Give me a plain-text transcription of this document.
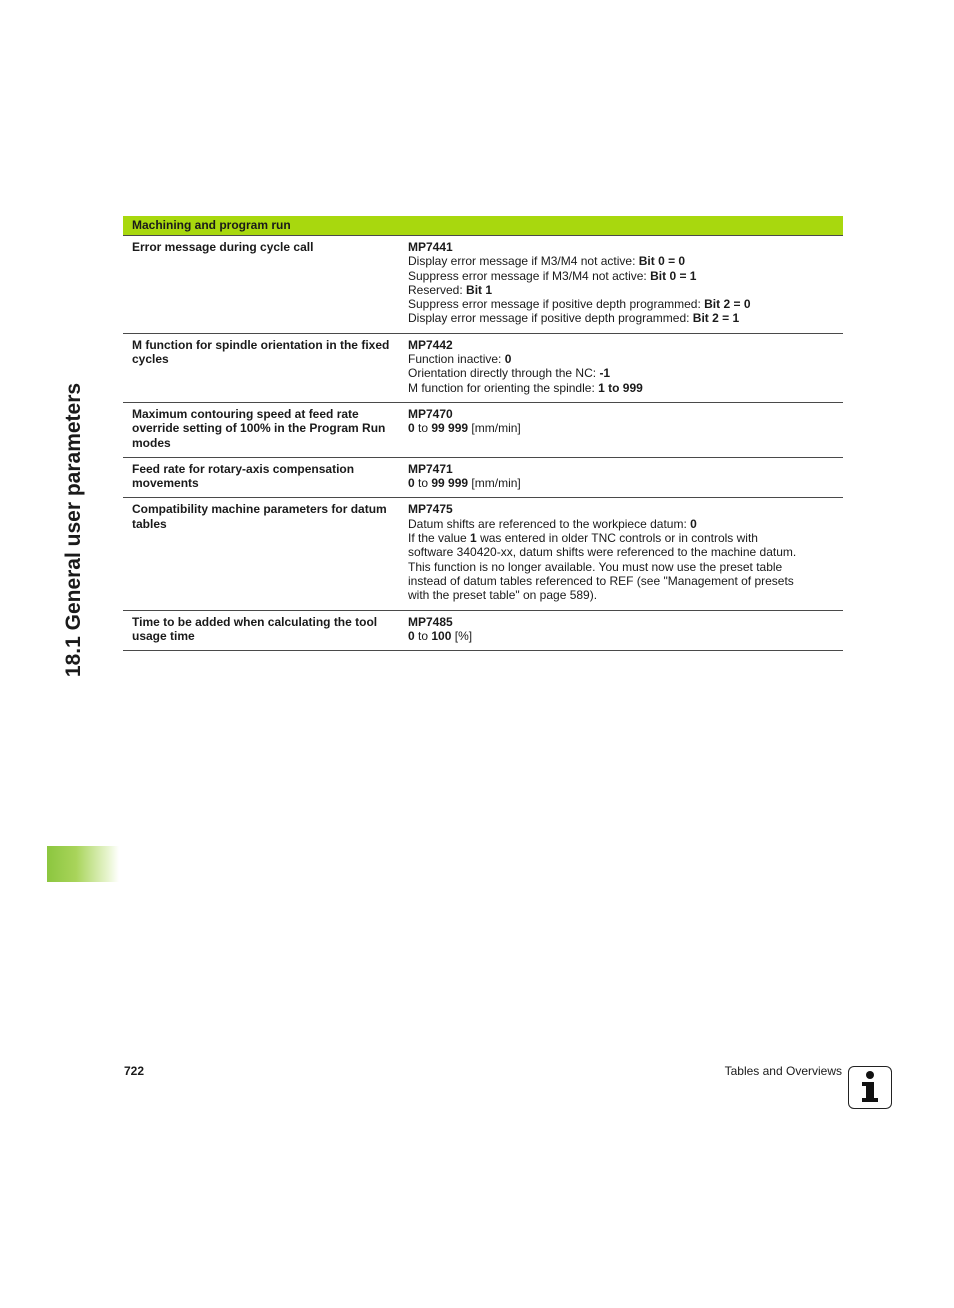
18.1 General user parameters
Machining and program run
Error message during cycle call	MP7441
Display error message if M3/M4 not active: Bit 0 = 0
Suppress error message if M3/M4 not active: Bit 0 = 1
Reserved: Bit 1
Suppress error message if positive depth programmed: Bit 2 = 0
Display error message if positive depth programmed: Bit 2 = 1
M function for spindle orientation in the fixed cycles
MP7442
Function inactive: 0
Orientation directly through the NC: -1
M function for orienting the spindle: 1 to 999
Maximum contouring speed at feed rate override setting of 100% in the Program Run modes
MP7470
0 to 99 999 [mm/min]
Feed rate for rotary-axis compensation movements
MP7471
0 to 99 999 [mm/min]
Compatibility machine parameters for datum tables
MP7475
Datum shifts are referenced to the workpiece datum: 0
If the value 1 was entered in older TNC controls or in controls with
software 340420-xx, datum shifts were referenced to the machine datum.
This function is no longer available. You must now use the preset table
instead of datum tables referenced to REF (see "Management of presets
with the preset table" on page 589).
Time to be added when calculating the tool usage time
MP7485
0 to 100 [%]
722	Tables and Overviews
